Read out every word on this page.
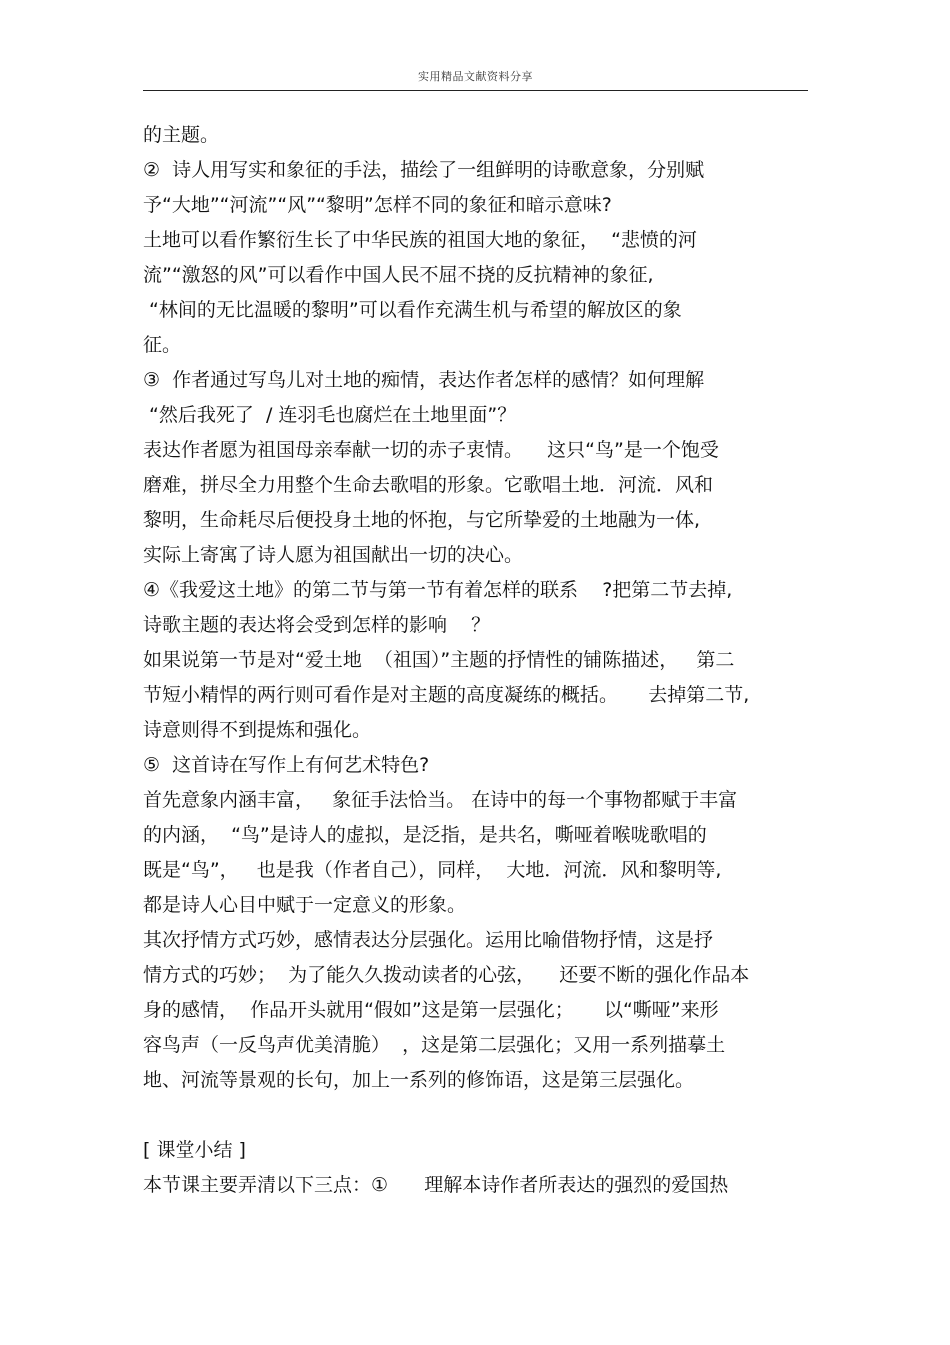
实用精品文献资料分享
的主题。
②  诗人用写实和象征的手法，描绘了一组鲜明的诗歌意象，分别赋
予“大地”“河流”“风”“黎明”怎样不同的象征和暗示意味?
土地可以看作繁衍生长了中华民族的祖国大地的象征，  “悲愤的河
流”“激怒的风”可以看作中国人民不屈不挠的反抗精神的象征,
“林间的无比温暖的黎明”可以看作充满生机与希望的解放区的象
征。
③  作者通过写鸟儿对土地的痴情，表达作者怎样的感情？如何理解
“然后我死了  / 连羽毛也腐烂在土地里面”？
表达作者愿为祖国母亲奉献一切的赤子衷情。    这只“鸟”是一个饱受
磨难，拼尽全力用整个生命去歌唱的形象。它歌唱土地．河流．风和
黎明，生命耗尽后便投身土地的怀抱，与它所挚爱的土地融为一体,
实际上寄寓了诗人愿为祖国献出一切的决心。
④《我爱这土地》的第二节与第一节有着怎样的联系    ?把第二节去掉,
诗歌主题的表达将会受到怎样的影响    ？
如果说第一节是对“爱土地  （祖国）”主题的抒情性的铺陈描述，   第二
节短小精悍的两行则可看作是对主题的高度凝练的概括。     去掉第二节,
诗意则得不到提炼和强化。
⑤  这首诗在写作上有何艺术特色?
首先意象内涵丰富，   象征手法恰当。 在诗中的每一个事物都赋于丰富
的内涵，  “鸟”是诗人的虚拟，是泛指，是共名，嘶哑着喉咙歌唱的
既是“鸟”，   也是我（作者自己），同样，  大地．河流．风和黎明等,
都是诗人心目中赋于一定意义的形象。
其次抒情方式巧妙，感情表达分层强化。运用比喻借物抒情，这是抒
情方式的巧妙；  为了能久久拨动读者的心弦，    还要不断的强化作品本
身的感情，  作品开头就用“假如”这是第一层强化；     以“嘶哑”来形
容鸟声（一反鸟声优美清脆）  ，这是第二层强化；又用一系列描摹土
地、河流等景观的长句，加上一系列的修饰语，这是第三层强化。
[ 课堂小结 ]
本节课主要弄清以下三点：①      理解本诗作者所表达的强烈的爱国热
